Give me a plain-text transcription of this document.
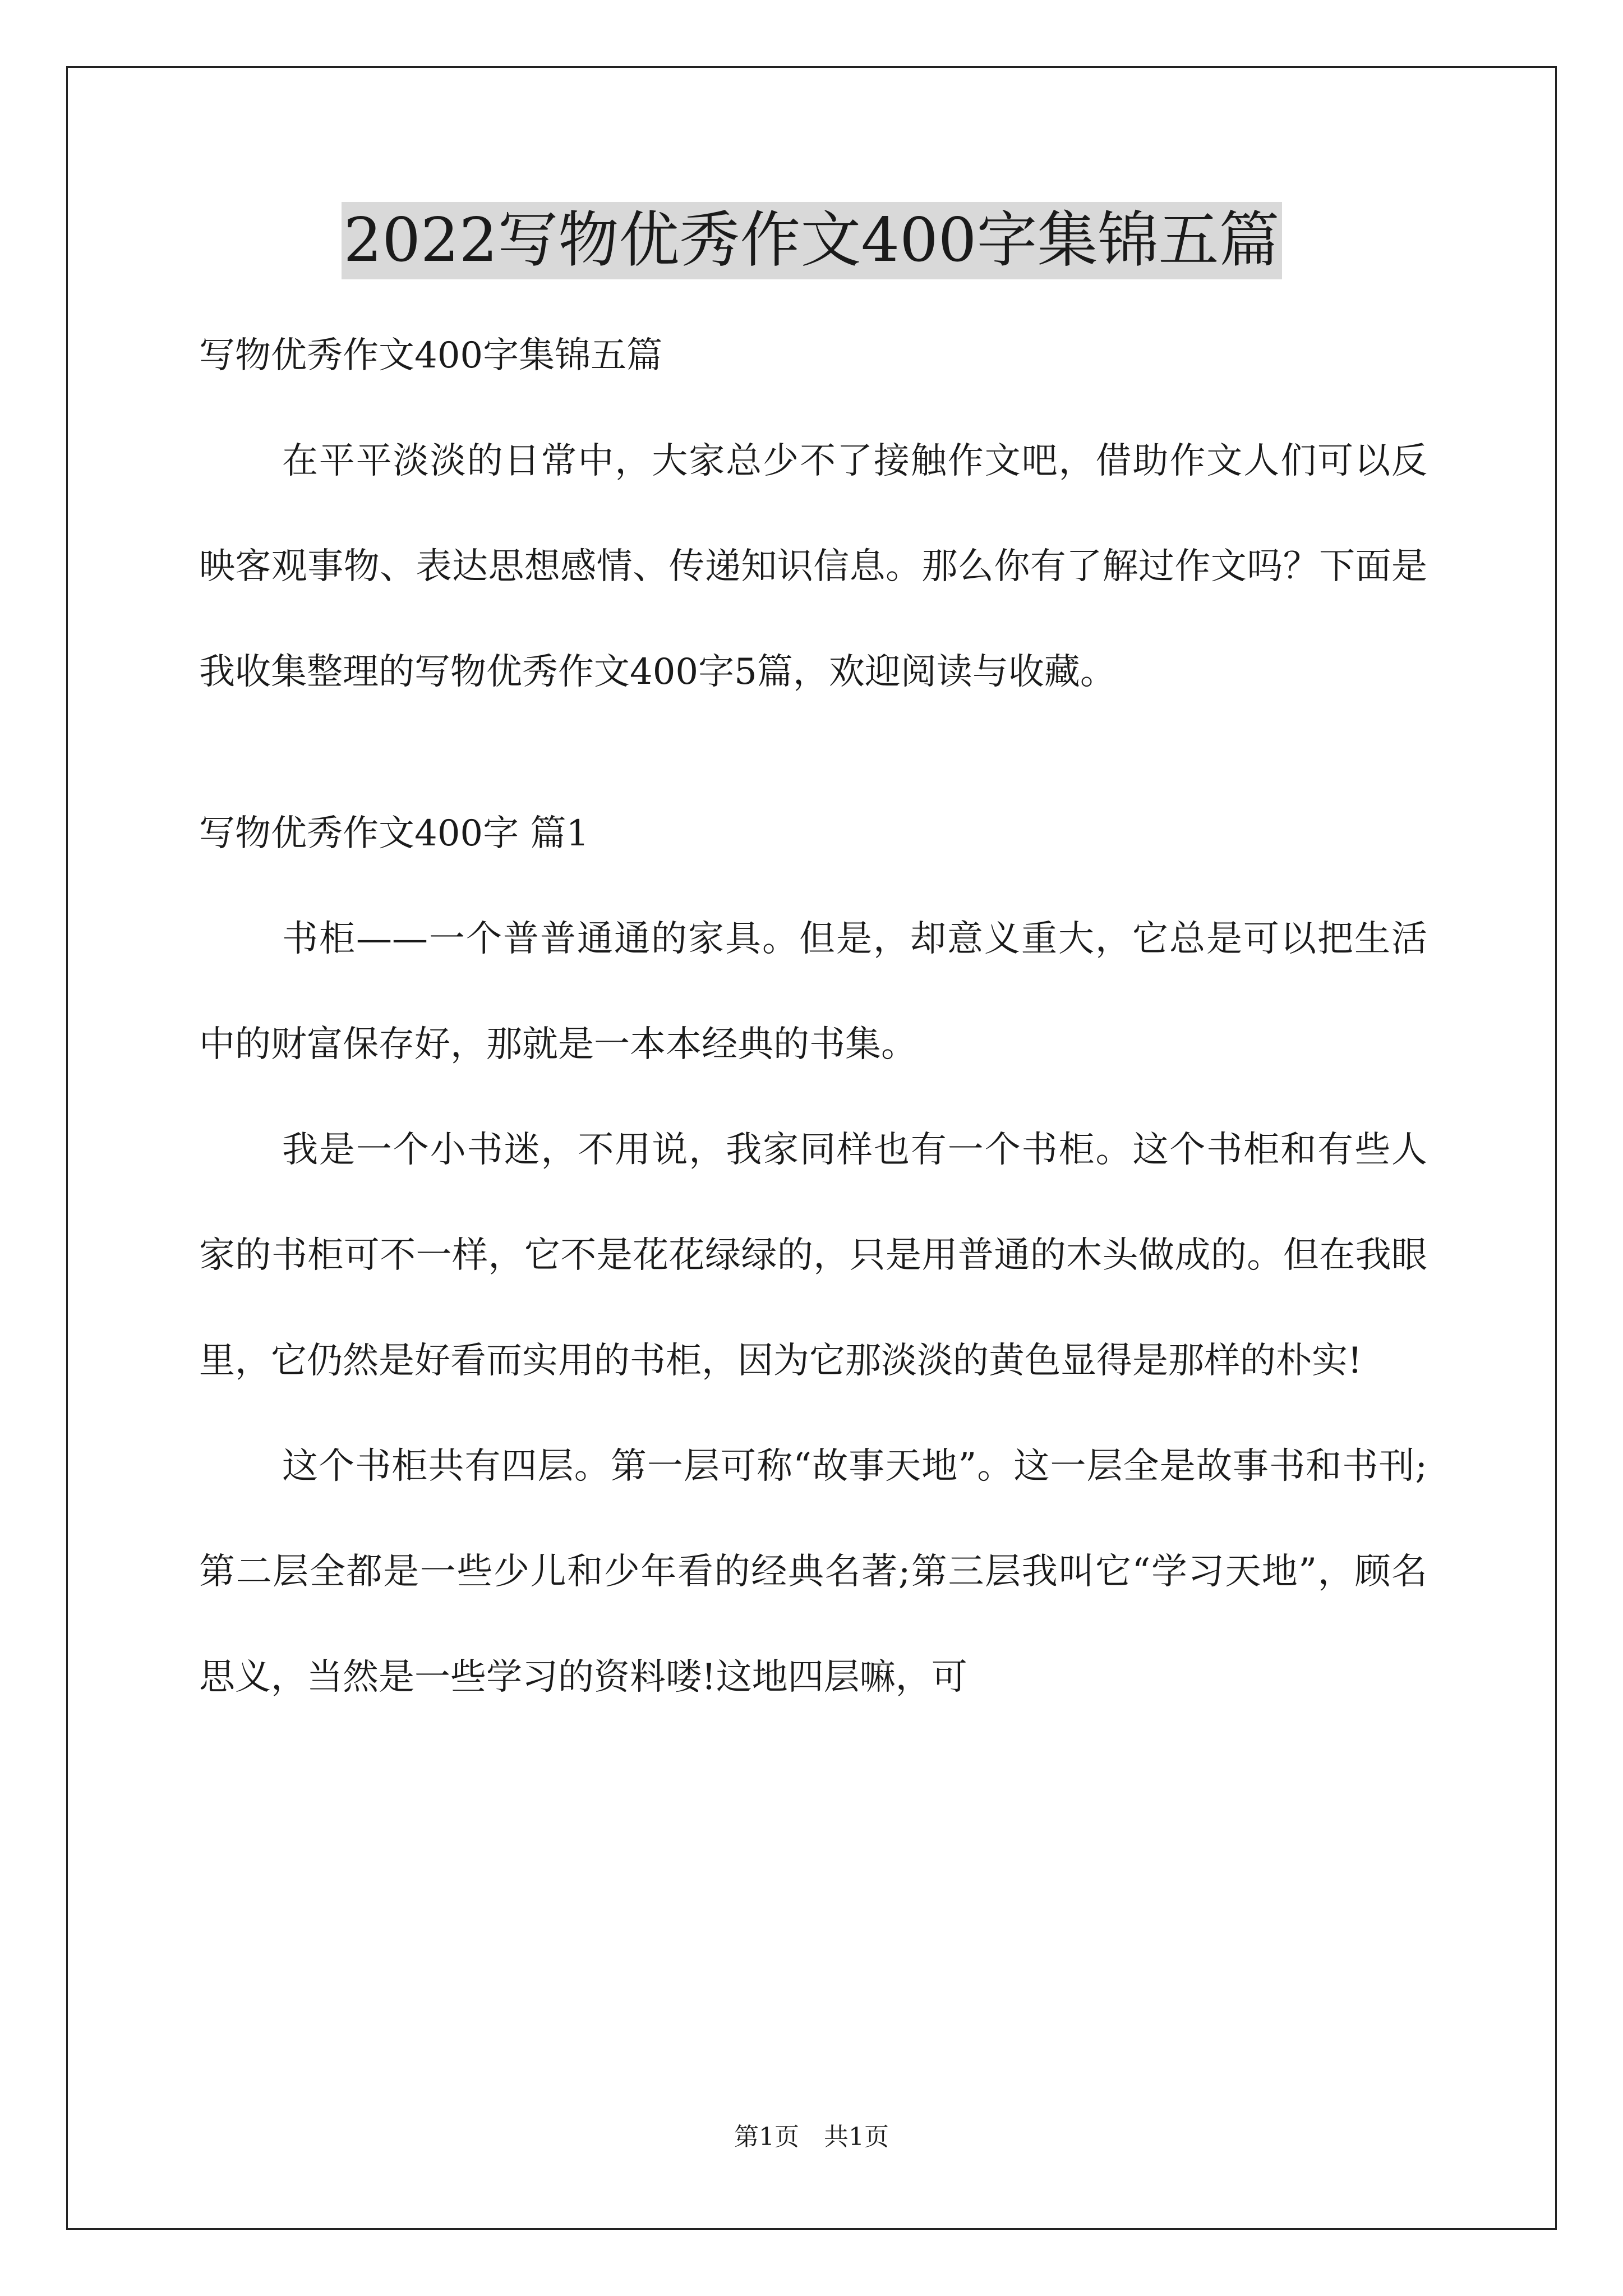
2022写物优秀作文400字集锦五篇

写物优秀作文400字集锦五篇

在平平淡淡的日常中，大家总少不了接触作文吧，借助作文人们可以反映客观事物、表达思想感情、传递知识信息。那么你有了解过作文吗？下面是我收集整理的写物优秀作文400字5篇，欢迎阅读与收藏。

写物优秀作文400字 篇1

书柜——一个普普通通的家具。但是，却意义重大，它总是可以把生活中的财富保存好，那就是一本本经典的书集。

我是一个小书迷，不用说，我家同样也有一个书柜。这个书柜和有些人家的书柜可不一样，它不是花花绿绿的，只是用普通的木头做成的。但在我眼里，它仍然是好看而实用的书柜，因为它那淡淡的黄色显得是那样的朴实!

这个书柜共有四层。第一层可称“故事天地”。这一层全是故事书和书刊;第二层全都是一些少儿和少年看的经典名著;第三层我叫它“学习天地”，顾名思义，当然是一些学习的资料喽!这地四层嘛，可

第1页　共1页
